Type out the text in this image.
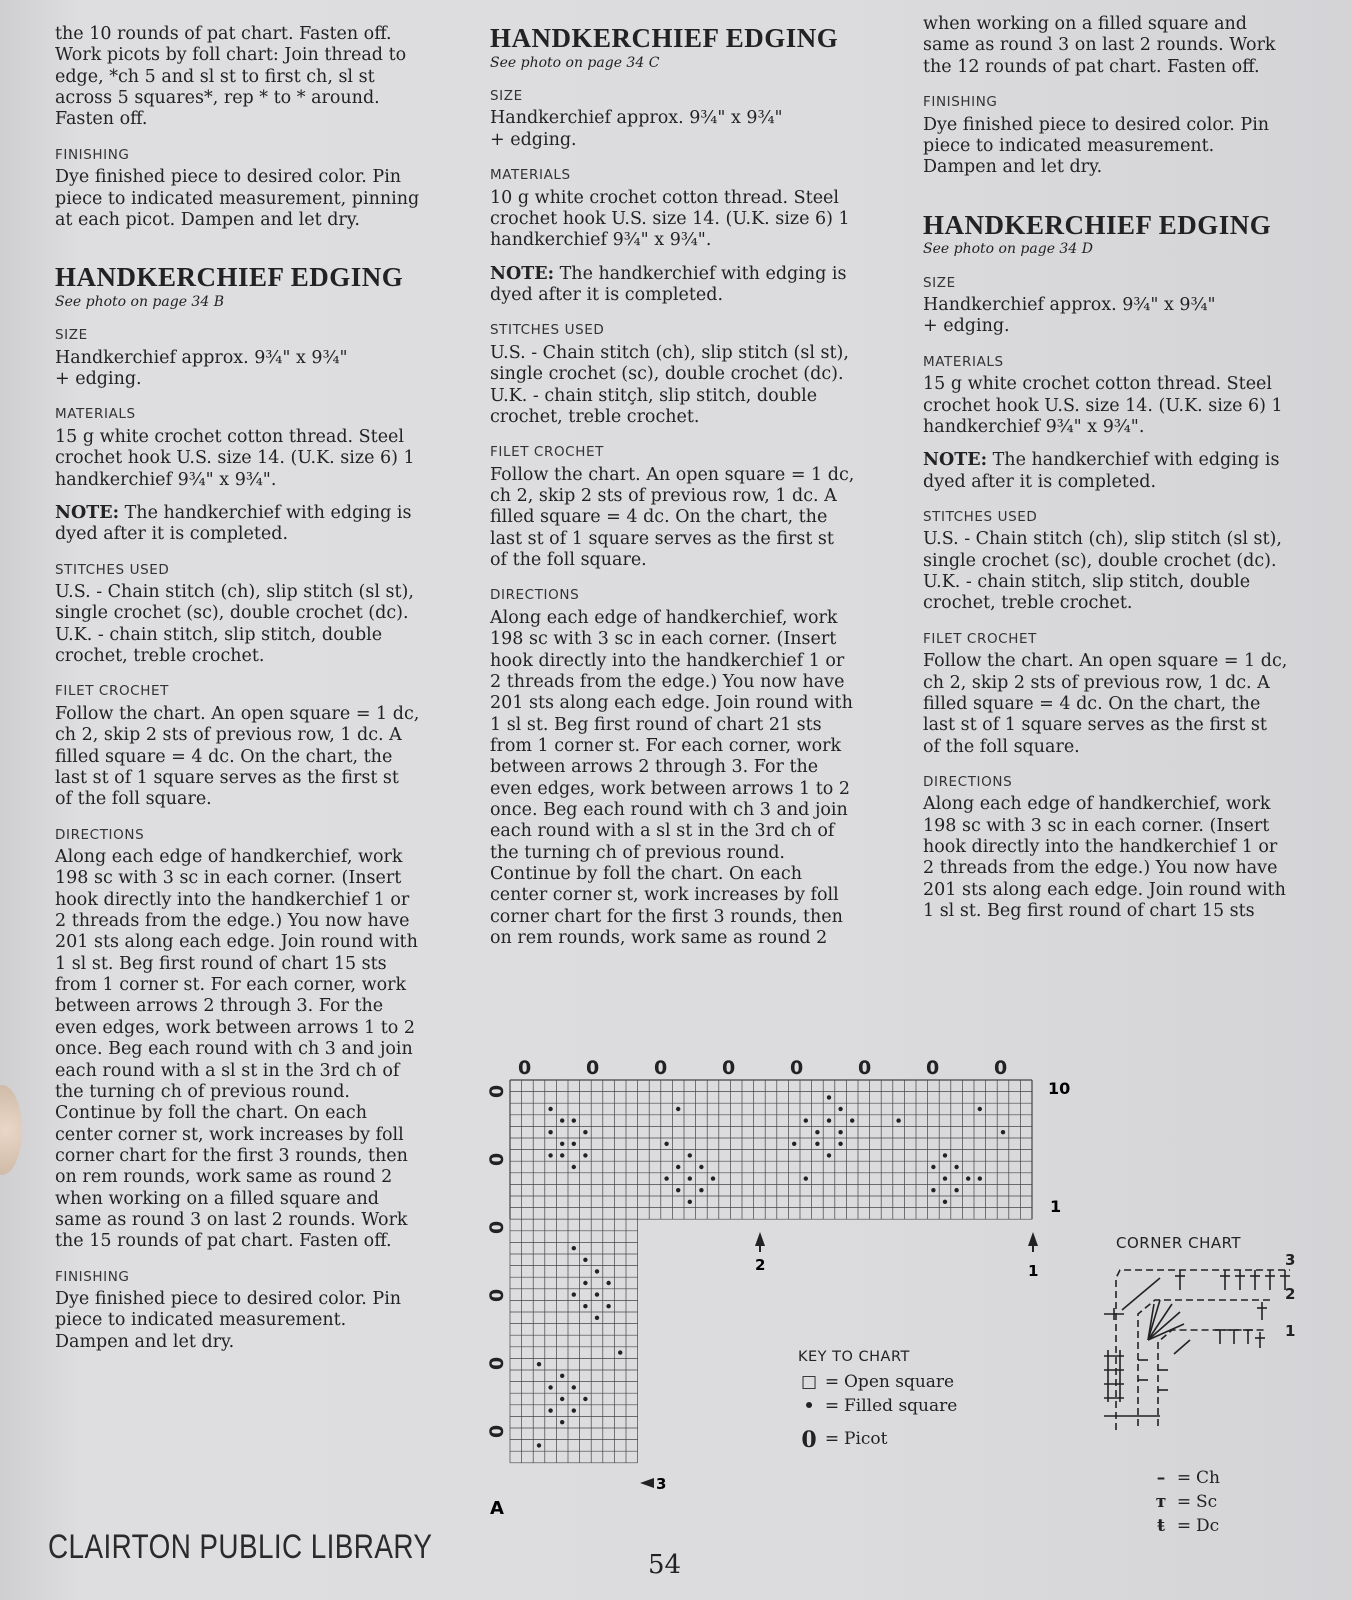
the 10 rounds of pat chart. Fasten off.
Work picots by foll chart: Join thread to
edge, *ch 5 and sl st to first ch, sl st
across 5 squares*, rep * to * around.
Fasten off.
FINISHING
Dye finished piece to desired color. Pin
piece to indicated measurement, pinning
at each picot. Dampen and let dry.
HANDKERCHIEF EDGING
See photo on page 34 B
SIZE
Handkerchief approx. 9¾" x 9¾"
+ edging.
MATERIALS
15 g white crochet cotton thread. Steel
crochet hook U.S. size 14. (U.K. size 6) 1
handkerchief 9¾" x 9¾".
NOTE: The handkerchief with edging is
dyed after it is completed.
STITCHES USED
U.S. - Chain stitch (ch), slip stitch (sl st),
single crochet (sc), double crochet (dc).
U.K. - chain stitch, slip stitch, double
crochet, treble crochet.
FILET CROCHET
Follow the chart. An open square = 1 dc,
ch 2, skip 2 sts of previous row, 1 dc. A
filled square = 4 dc. On the chart, the
last st of 1 square serves as the first st
of the foll square.
DIRECTIONS
Along each edge of handkerchief, work
198 sc with 3 sc in each corner. (Insert
hook directly into the handkerchief 1 or
2 threads from the edge.) You now have
201 sts along each edge. Join round with
1 sl st. Beg first round of chart 15 sts
from 1 corner st. For each corner, work
between arrows 2 through 3. For the
even edges, work between arrows 1 to 2
once. Beg each round with ch 3 and join
each round with a sl st in the 3rd ch of
the turning ch of previous round.
Continue by foll the chart. On each
center corner st, work increases by foll
corner chart for the first 3 rounds, then
on rem rounds, work same as round 2
when working on a filled square and
same as round 3 on last 2 rounds. Work
the 15 rounds of pat chart. Fasten off.
FINISHING
Dye finished piece to desired color. Pin
piece to indicated measurement.
Dampen and let dry.
HANDKERCHIEF EDGING
See photo on page 34 C
SIZE
Handkerchief approx. 9¾" x 9¾"
+ edging.
MATERIALS
10 g white crochet cotton thread. Steel
crochet hook U.S. size 14. (U.K. size 6) 1
handkerchief 9¾" x 9¾".
NOTE: The handkerchief with edging is
dyed after it is completed.
STITCHES USED
U.S. - Chain stitch (ch), slip stitch (sl st),
single crochet (sc), double crochet (dc).
U.K. - chain stitçh, slip stitch, double
crochet, treble crochet.
FILET CROCHET
Follow the chart. An open square = 1 dc,
ch 2, skip 2 sts of previous row, 1 dc. A
filled square = 4 dc. On the chart, the
last st of 1 square serves as the first st
of the foll square.
DIRECTIONS
Along each edge of handkerchief, work
198 sc with 3 sc in each corner. (Insert
hook directly into the handkerchief 1 or
2 threads from the edge.) You now have
201 sts along each edge. Join round with
1 sl st. Beg first round of chart 21 sts
from 1 corner st. For each corner, work
between arrows 2 through 3. For the
even edges, work between arrows 1 to 2
once. Beg each round with ch 3 and join
each round with a sl st in the 3rd ch of
the turning ch of previous round.
Continue by foll the chart. On each
center corner st, work increases by foll
corner chart for the first 3 rounds, then
on rem rounds, work same as round 2
when working on a filled square and
same as round 3 on last 2 rounds. Work
the 12 rounds of pat chart. Fasten off.
FINISHING
Dye finished piece to desired color. Pin
piece to indicated measurement.
Dampen and let dry.
HANDKERCHIEF EDGING
See photo on page 34 D
SIZE
Handkerchief approx. 9¾" x 9¾"
+ edging.
MATERIALS
15 g white crochet cotton thread. Steel
crochet hook U.S. size 14. (U.K. size 6) 1
handkerchief 9¾" x 9¾".
NOTE: The handkerchief with edging is
dyed after it is completed.
STITCHES USED
U.S. - Chain stitch (ch), slip stitch (sl st),
single crochet (sc), double crochet (dc).
U.K. - chain stitch, slip stitch, double
crochet, treble crochet.
FILET CROCHET
Follow the chart. An open square = 1 dc,
ch 2, skip 2 sts of previous row, 1 dc. A
filled square = 4 dc. On the chart, the
last st of 1 square serves as the first st
of the foll square.
DIRECTIONS
Along each edge of handkerchief, work
198 sc with 3 sc in each corner. (Insert
hook directly into the handkerchief 1 or
2 threads from the edge.) You now have
201 sts along each edge. Join round with
1 sl st. Beg first round of chart 15 sts
0	0	0	0	0	0	0	0
0
0
0
0
0
0
10
1
2	1
3
A
KEY TO CHART
□ = Open square
• = Filled square
0 = Picot
CORNER CHART
3
2
1
– = Ch
ᴛ = Sc
ŧ = Dc
CLAIRTON PUBLIC LIBRARY	54
